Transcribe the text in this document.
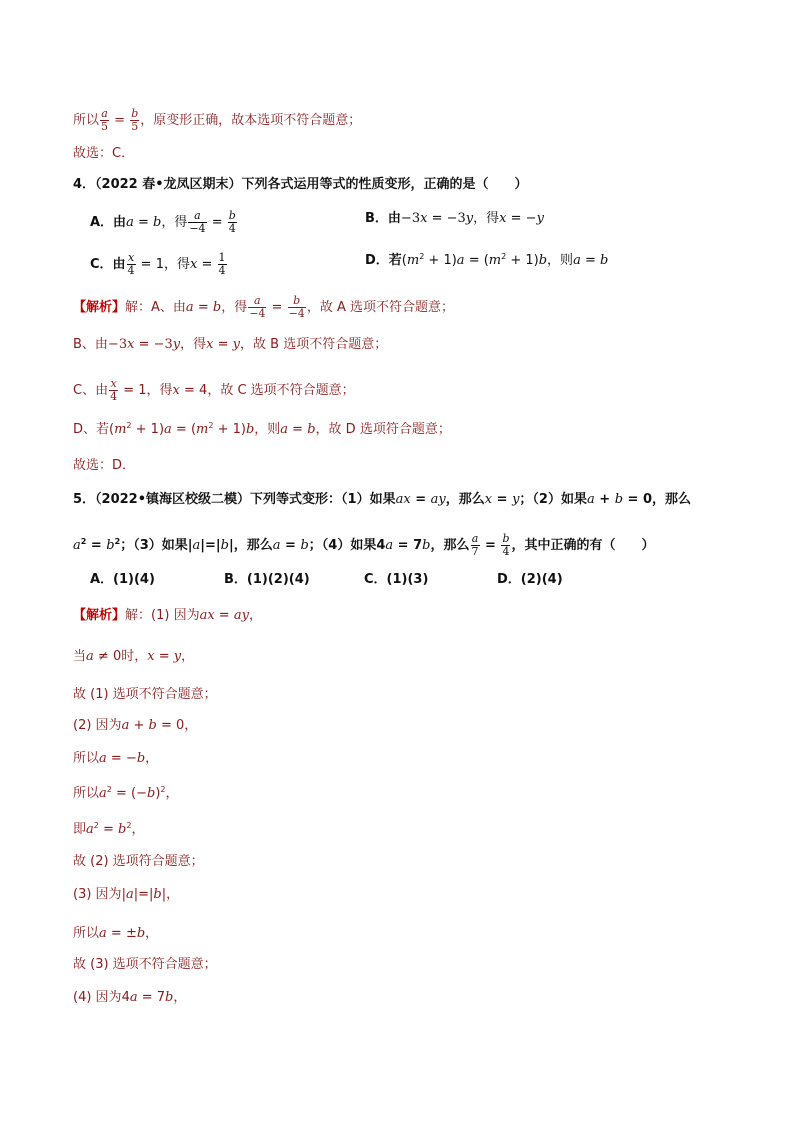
所以 $\frac{a}{5} = \frac{b}{5}$ ，原变形正确，故本选项不符合题意；
故选：C．
4．（2022 春•龙凤区期末）下列各式运用等式的性质变形，正确的是（　　）
A．由a = b，得 $\frac{a}{-4} = \frac{b}{4}$	B．由−3x = −3y，得x = −y
C．由 $\frac{x}{4} = 1$，得$x = \frac{1}{4}$	D．若$(m^2 + 1)a = (m^2 + 1)b$，则a = b
【解析】解：A、由a = b，得 $\frac{a}{-4} = \frac{b}{-4}$ ，故 A 选项不符合题意；
B、由−3x = −3y，得x = y，故 B 选项不符合题意；
C、由 $\frac{x}{4} = 1$，得x = 4，故 C 选项不符合题意；
D、若$(m^2 + 1)a = (m^2 + 1)b$，则a = b，故 D 选项符合题意；
故选：D．
5．（2022•镇海区校级二模）下列等式变形：（1）如果ax = ay，那么x = y；（2）如果a + b = 0，那么
$a^2 = b^2$；（3）如果|a|=|b|，那么a = b；（4）如果4a = 7b，那么 $\frac{a}{7} = \frac{b}{4}$ ，其中正确的有（　　）
A．(1)(4)	B．(1)(2)(4)	C．(1)(3)	D．(2)(4)
【解析】解：(1) 因为ax = ay，
当a ≠ 0时，x = y，
故 (1) 选项不符合题意；
(2) 因为a + b = 0，
所以a = −b，
所以$a^2 = (-b)^2$，
即$a^2 = b^2$，
故 (2) 选项符合题意；
(3) 因为|a|=|b|，
所以a = ±b，
故 (3) 选项不符合题意；
(4) 因为4a = 7b，
